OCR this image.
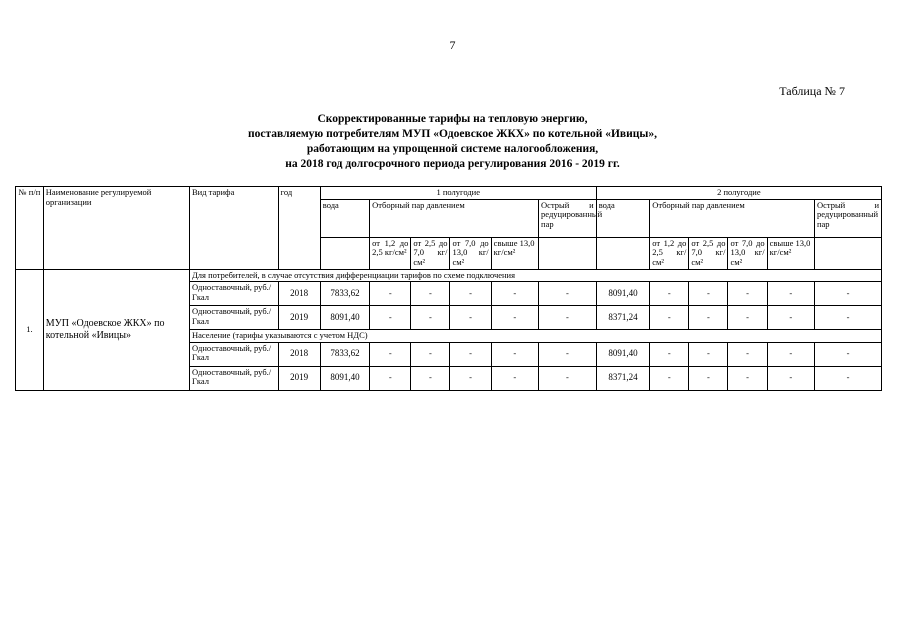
7
Таблица № 7
Скорректированные тарифы на тепловую энергию,
поставляемую потребителям МУП «Одоевское ЖКХ» по котельной «Ивицы»,
работающим на упрощенной системе налогообложения,
на 2018 год долгосрочного периода регулирования 2016 - 2019 гг.
№ п/п	Наименование регулируемой организации	Вид тарифа	год	1 полугодие						2 полугодие					
				вода	Отборный пар давлением				Острый и редуцированный пар	вода	Отборный пар давлением				Острый и редуцированный пар
					от 1,2 до 2,5 кг/см²	от 2,5 до 7,0 кг/см²	от 7,0 до 13,0 кг/см²	свыше 13,0 кг/см²			от 1,2 до 2,5 кг/см²	от 2,5 до 7,0 кг/см²	от 7,0 до 13,0 кг/см²	свыше 13,0 кг/см²	
1.	МУП «Одоевское ЖКХ» по котельной «Ивицы»	Для потребителей, в случае отсутствия дифференциации тарифов по схеме подключения													
		Одноставочный, руб./Гкал	2018	7833,62	-	-	-	-	-	8091,40	-	-	-	-	-
		Одноставочный, руб./Гкал	2019	8091,40	-	-	-	-	-	8371,24	-	-	-	-	-
		Население (тарифы указываются с учетом НДС)													
		Одноставочный, руб./Гкал	2018	7833,62	-	-	-	-	-	8091,40	-	-	-	-	-
		Одноставочный, руб./Гкал	2019	8091,40	-	-	-	-	-	8371,24	-	-	-	-	-
